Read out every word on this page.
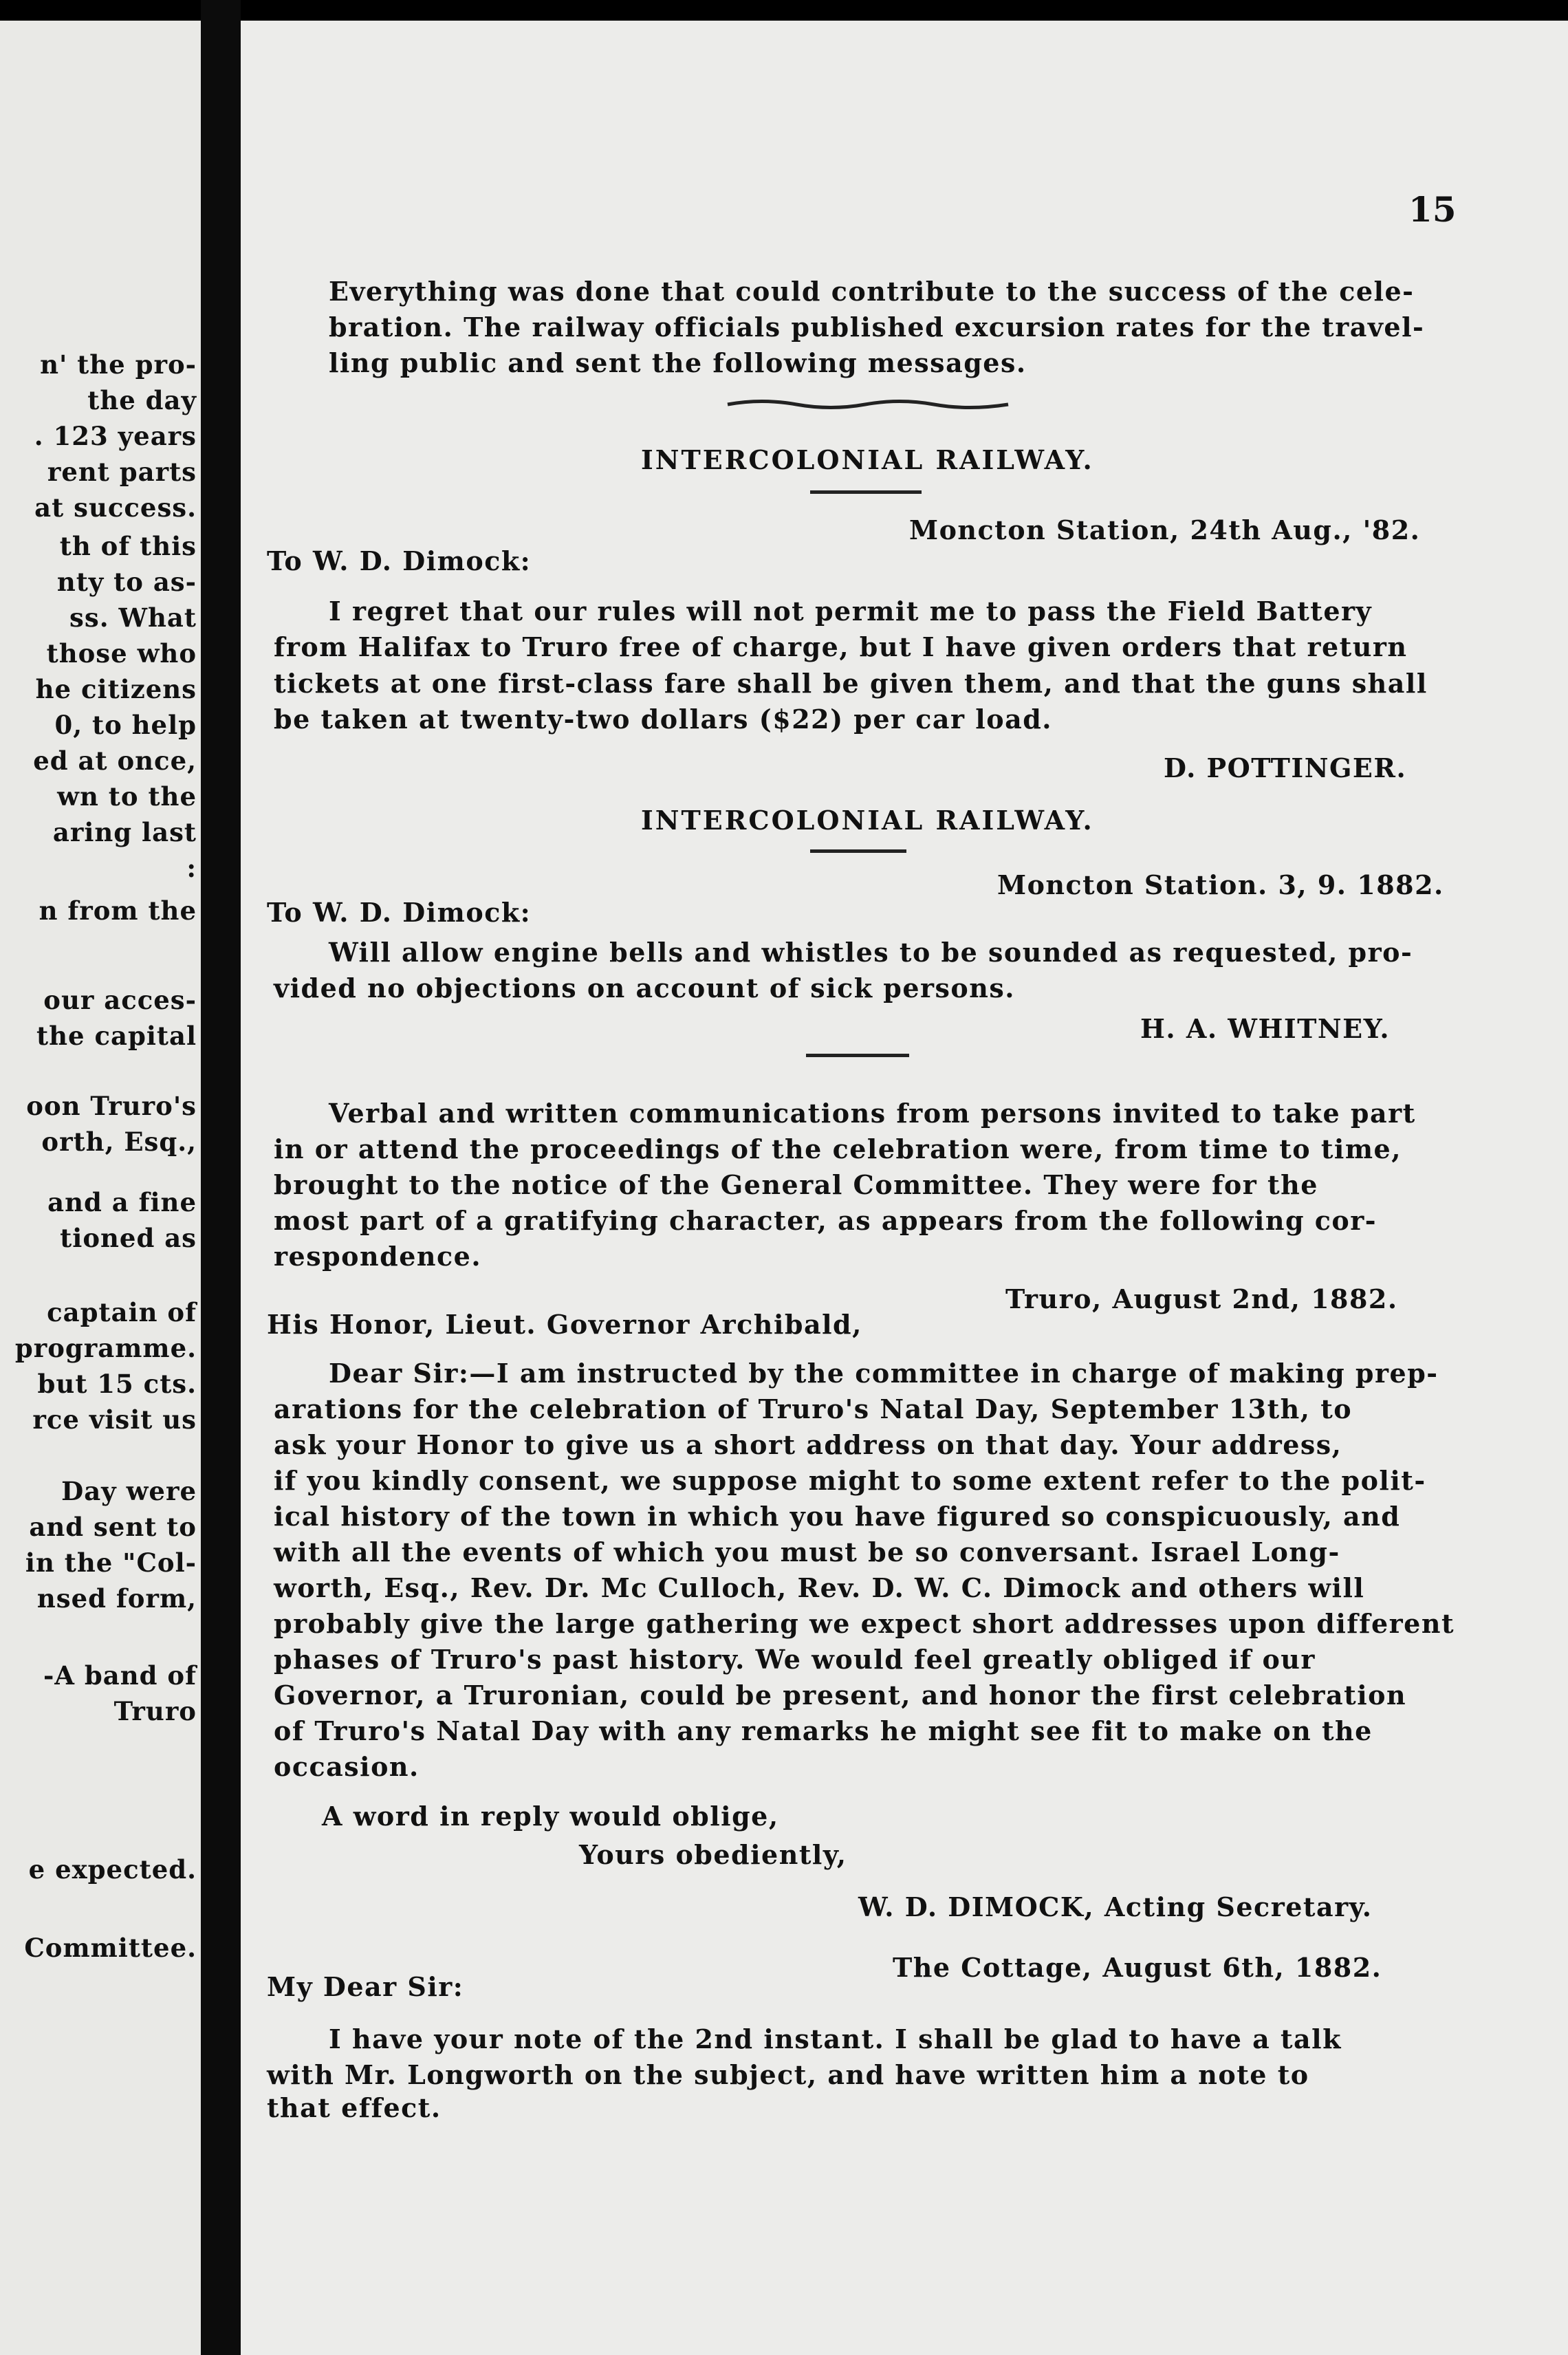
n' the pro-
the day
. 123 years
rent parts
at success.
th of this
nty to as-
ss. What
those who
he citizens
0, to help
ed at once,
wn to the
aring last
:
n from the
our acces-
the capital
oon Truro's
orth, Esq.,
and a fine
tioned as
captain of
programme.
but 15 cts.
rce visit us
Day were
and sent to
in the "Col-
nsed form,
-A band of
Truro
e expected.
Committee.
15
Everything was done that could contribute to the success of the cele-
bration. The railway officials published excursion rates for the travel-
ling public and sent the following messages.
INTERCOLONIAL RAILWAY.
Moncton Station, 24th Aug., '82.
To W. D. Dimock:
I regret that our rules will not permit me to pass the Field Battery
from Halifax to Truro free of charge, but I have given orders that return
tickets at one first-class fare shall be given them, and that the guns shall
be taken at twenty-two dollars ($22) per car load.
D. POTTINGER.
INTERCOLONIAL RAILWAY.
Moncton Station. 3, 9. 1882.
To W. D. Dimock:
Will allow engine bells and whistles to be sounded as requested, pro-
vided no objections on account of sick persons.
H. A. WHITNEY.
Verbal and written communications from persons invited to take part
in or attend the proceedings of the celebration were, from time to time,
brought to the notice of the General Committee. They were for the
most part of a gratifying character, as appears from the following cor-
respondence.
Truro, August 2nd, 1882.
His Honor, Lieut. Governor Archibald,
Dear Sir:—I am instructed by the committee in charge of making prep-
arations for the celebration of Truro's Natal Day, September 13th, to
ask your Honor to give us a short address on that day. Your address,
if you kindly consent, we suppose might to some extent refer to the polit-
ical history of the town in which you have figured so conspicuously, and
with all the events of which you must be so conversant. Israel Long-
worth, Esq., Rev. Dr. Mc Culloch, Rev. D. W. C. Dimock and others will
probably give the large gathering we expect short addresses upon different
phases of Truro's past history. We would feel greatly obliged if our
Governor, a Truronian, could be present, and honor the first celebration
of Truro's Natal Day with any remarks he might see fit to make on the
occasion.
A word in reply would oblige,
Yours obediently,
W. D. DIMOCK, Acting Secretary.
The Cottage, August 6th, 1882.
My Dear Sir:
I have your note of the 2nd instant. I shall be glad to have a talk
with Mr. Longworth on the subject, and have written him a note to
that effect.
